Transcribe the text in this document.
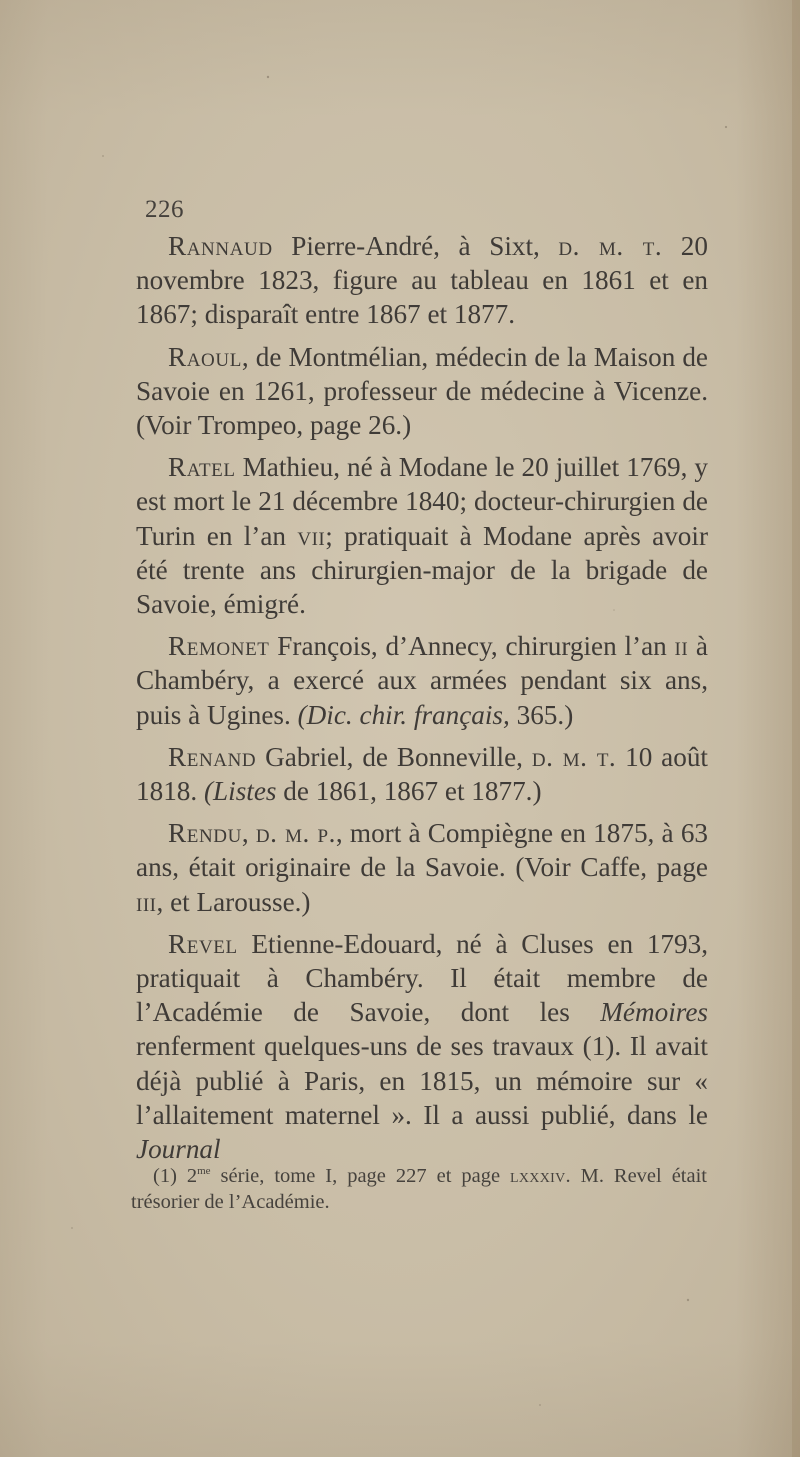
226

Rannaud Pierre-André, à Sixt, d. m. t. 20 novembre 1823, figure au tableau en 1861 et en 1867; disparaît entre 1867 et 1877.

Raoul, de Montmélian, médecin de la Maison de Savoie en 1261, professeur de médecine à Vicenze. (Voir Trompeo, page 26.)

Ratel Mathieu, né à Modane le 20 juillet 1769, y est mort le 21 décembre 1840; docteur-chirurgien de Turin en l’an vii; pratiquait à Modane après avoir été trente ans chirurgien-major de la brigade de Savoie, émigré.

Remonet François, d’Annecy, chirurgien l’an ii à Chambéry, a exercé aux armées pendant six ans, puis à Ugines. (Dic. chir. français, 365.)

Renand Gabriel, de Bonneville, d. m. t. 10 août 1818. (Listes de 1861, 1867 et 1877.)

Rendu, d. m. p., mort à Compiègne en 1875, à 63 ans, était originaire de la Savoie. (Voir Caffe, page iii, et Larousse.)

Revel Etienne-Edouard, né à Cluses en 1793, pratiquait à Chambéry. Il était membre de l’Académie de Savoie, dont les Mémoires renferment quelques-uns de ses travaux (1). Il avait déjà publié à Paris, en 1815, un mémoire sur « l’allaitement maternel ». Il a aussi publié, dans le Journal

(1) $2^{me}$ série, tome I, page 227 et page lxxxiv. M. Revel était trésorier de l’Académie.
